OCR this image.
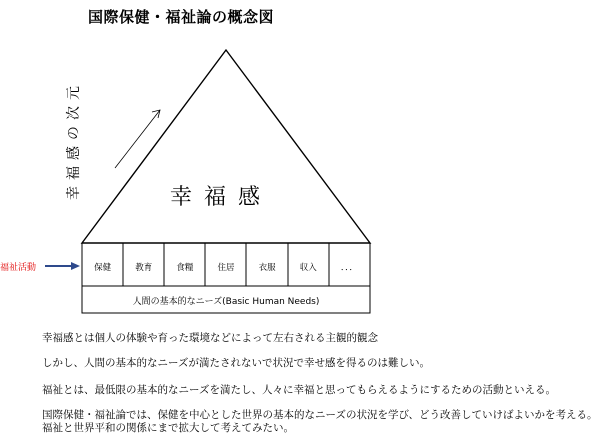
国際保健・福祉論の概念図
幸福感の次元	幸福感
福祉活動	保健	教育	食糧	住居	衣服	収入	．．．
人間の基本的なニーズ(Basic Human Needs)
幸福感とは個人の体験や育った環境などによって左右される主観的観念
しかし、人間の基本的なニーズが満たされないで状況で幸せ感を得るのは難しい。
福祉とは、最低限の基本的なニーズを満たし、人々に幸福と思ってもらえるようにするための活動といえる。
国際保健・福祉論では、保健を中心とした世界の基本的なニーズの状況を学び、どう改善していけばよいかを考える。
福祉と世界平和の関係にまで拡大して考えてみたい。
